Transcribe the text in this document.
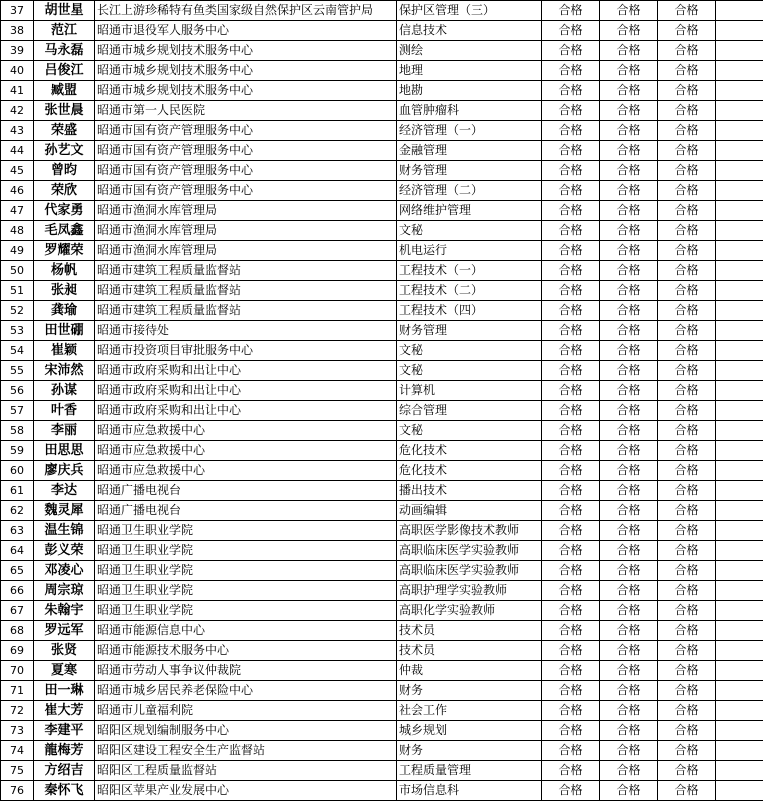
37	胡世星	长江上游珍稀特有鱼类国家级自然保护区云南管护局	保护区管理（三）	合格	合格	合格	
38	范江	昭通市退役军人服务中心	信息技术	合格	合格	合格	
39	马永磊	昭通市城乡规划技术服务中心	测绘	合格	合格	合格	
40	吕俊江	昭通市城乡规划技术服务中心	地理	合格	合格	合格	
41	臧盟	昭通市城乡规划技术服务中心	地勘	合格	合格	合格	
42	张世晨	昭通市第一人民医院	血管肿瘤科	合格	合格	合格	
43	荣盛	昭通市国有资产管理服务中心	经济管理（一）	合格	合格	合格	
44	孙艺文	昭通市国有资产管理服务中心	金融管理	合格	合格	合格	
45	曾昀	昭通市国有资产管理服务中心	财务管理	合格	合格	合格	
46	荣欣	昭通市国有资产管理服务中心	经济管理（二）	合格	合格	合格	
47	代家勇	昭通市渔洞水库管理局	网络维护管理	合格	合格	合格	
48	毛凤鑫	昭通市渔洞水库管理局	文秘	合格	合格	合格	
49	罗耀荣	昭通市渔洞水库管理局	机电运行	合格	合格	合格	
50	杨帆	昭通市建筑工程质量监督站	工程技术（一）	合格	合格	合格	
51	张昶	昭通市建筑工程质量监督站	工程技术（二）	合格	合格	合格	
52	龚瑜	昭通市建筑工程质量监督站	工程技术（四）	合格	合格	合格	
53	田世硼	昭通市接待处	财务管理	合格	合格	合格	
54	崔颖	昭通市投资项目审批服务中心	文秘	合格	合格	合格	
55	宋沛然	昭通市政府采购和出让中心	文秘	合格	合格	合格	
56	孙谋	昭通市政府采购和出让中心	计算机	合格	合格	合格	
57	叶香	昭通市政府采购和出让中心	综合管理	合格	合格	合格	
58	李丽	昭通市应急救援中心	文秘	合格	合格	合格	
59	田思思	昭通市应急救援中心	危化技术	合格	合格	合格	
60	廖庆兵	昭通市应急救援中心	危化技术	合格	合格	合格	
61	李达	昭通广播电视台	播出技术	合格	合格	合格	
62	魏灵犀	昭通广播电视台	动画编辑	合格	合格	合格	
63	温生锦	昭通卫生职业学院	高职医学影像技术教师	合格	合格	合格	
64	彭义荣	昭通卫生职业学院	高职临床医学实验教师	合格	合格	合格	
65	邓凌心	昭通卫生职业学院	高职临床医学实验教师	合格	合格	合格	
66	周宗琼	昭通卫生职业学院	高职护理学实验教师	合格	合格	合格	
67	朱翰宇	昭通卫生职业学院	高职化学实验教师	合格	合格	合格	
68	罗远军	昭通市能源信息中心	技术员	合格	合格	合格	
69	张贤	昭通市能源技术服务中心	技术员	合格	合格	合格	
70	夏寒	昭通市劳动人事争议仲裁院	仲裁	合格	合格	合格	
71	田一琳	昭通市城乡居民养老保险中心	财务	合格	合格	合格	
72	崔大芳	昭通市儿童福利院	社会工作	合格	合格	合格	
73	李建平	昭阳区规划编制服务中心	城乡规划	合格	合格	合格	
74	龍梅芳	昭阳区建设工程安全生产监督站	财务	合格	合格	合格	
75	方绍吉	昭阳区工程质量监督站	工程质量管理	合格	合格	合格	
76	秦怀飞	昭阳区苹果产业发展中心	市场信息科	合格	合格	合格	
